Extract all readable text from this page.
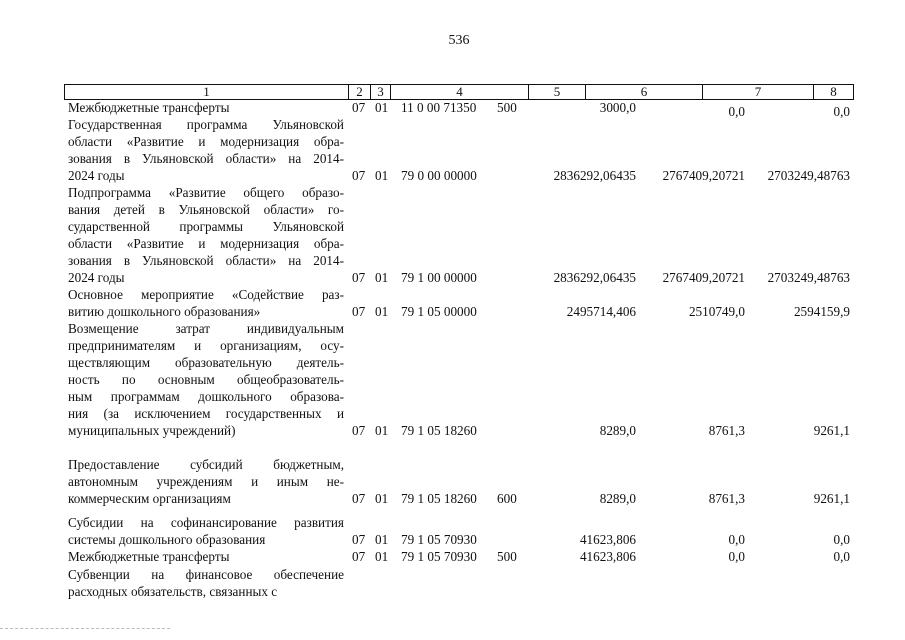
536
1	2	3	4	5	6	7	8
Межбюджетные трансферты	07 01 11 0 00 71350 500	3000,0	0,0	0,0
Государственная программа Ульяновской
области «Развитие и модернизация обра-
зования в Ульяновской области» на 2014-
2024 годы	07 01 79 0 00 00000	2836292,06435 2767409,20721 2703249,48763
Подпрограмма «Развитие общего образо-
вания детей в Ульяновской области» го-
сударственной программы Ульяновской
области «Развитие и модернизация обра-
зования в Ульяновской области» на 2014-
2024 годы	07 01 79 1 00 00000	2836292,06435 2767409,20721 2703249,48763
Основное мероприятие «Содействие раз-
витию дошкольного образования»	07 01 79 1 05 00000	2495714,406	2510749,0	2594159,9
Возмещение затрат индивидуальным
предпринимателям и организациям, осу-
ществляющим образовательную деятель-
ность по основным общеобразователь-
ным программам дошкольного образова-
ния (за исключением государственных и
муниципальных учреждений)	07 01 79 1 05 18260	8289,0	8761,3	9261,1
Предоставление субсидий бюджетным,
автономным учреждениям и иным не-
коммерческим организациям	07 01 79 1 05 18260 600	8289,0	8761,3	9261,1
Субсидии на софинансирование развития
системы дошкольного образования	07 01 79 1 05 70930	41623,806	0,0	0,0
Межбюджетные трансферты	07 01 79 1 05 70930 500	41623,806	0,0	0,0
Субвенции на финансовое обеспечение
расходных обязательств, связанных с
